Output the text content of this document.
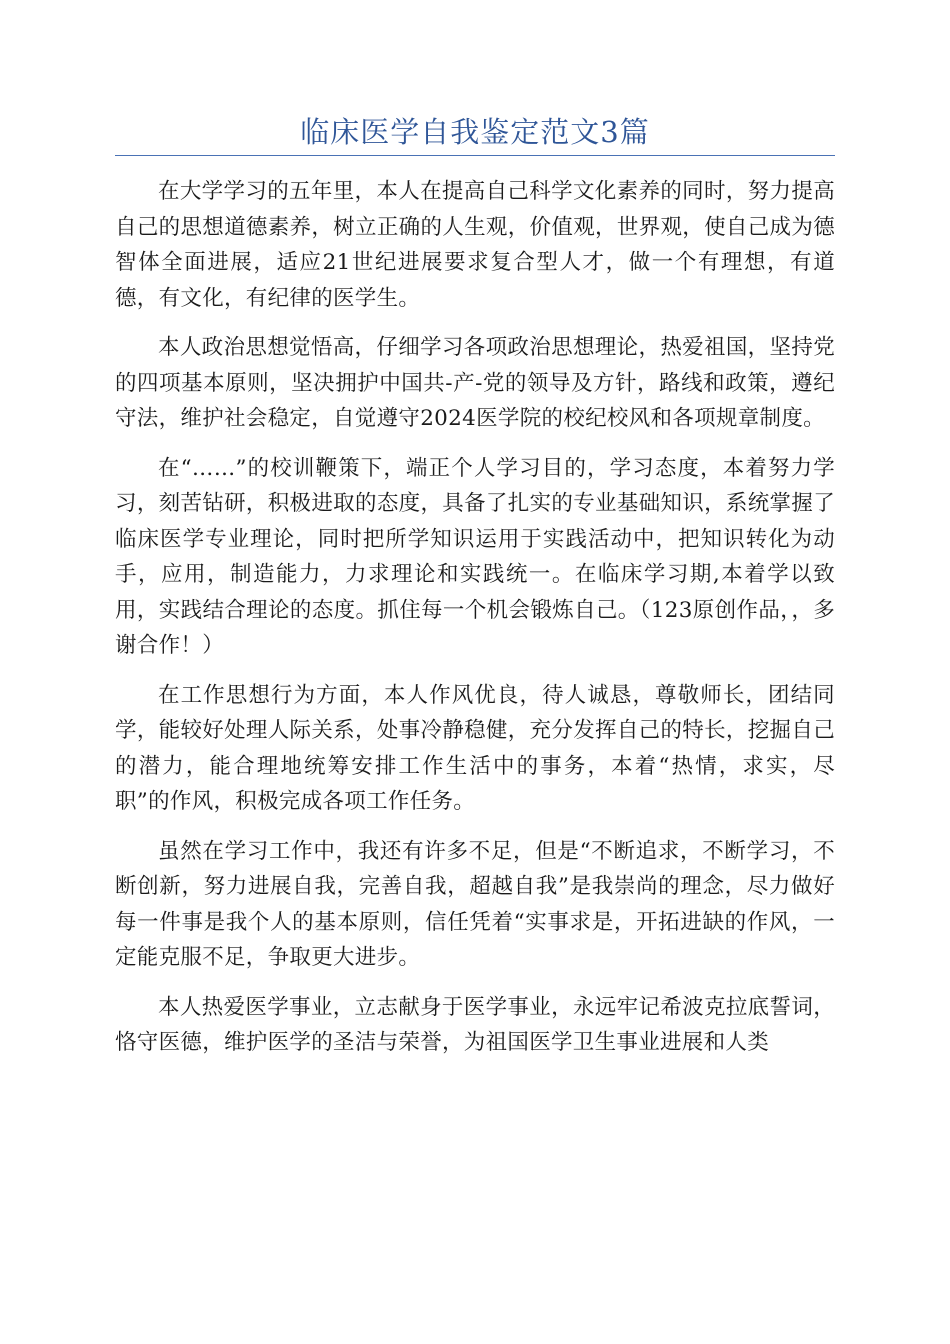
临床医学自我鉴定范文3篇

在大学学习的五年里，本人在提高自己科学文化素养的同时，努力提高自己的思想道德素养，树立正确的人生观，价值观，世界观，使自己成为德智体全面进展，适应21世纪进展要求复合型人才，做一个有理想，有道德，有文化，有纪律的医学生。

本人政治思想觉悟高，仔细学习各项政治思想理论，热爱祖国，坚持党的四项基本原则，坚决拥护中国共-产-党的领导及方针，路线和政策，遵纪守法，维护社会稳定，自觉遵守2024医学院的校纪校风和各项规章制度。

在“……”的校训鞭策下，端正个人学习目的，学习态度，本着努力学习，刻苦钻研，积极进取的态度，具备了扎实的专业基础知识，系统掌握了临床医学专业理论，同时把所学知识运用于实践活动中，把知识转化为动手，应用，制造能力，力求理论和实践统一。在临床学习期,本着学以致用，实践结合理论的态度。抓住每一个机会锻炼自己。（123原创作品，，多谢合作！）

在工作思想行为方面，本人作风优良，待人诚恳，尊敬师长，团结同学，能较好处理人际关系，处事冷静稳健，充分发挥自己的特长，挖掘自己的潜力，能合理地统筹安排工作生活中的事务，本着“热情，求实，尽职”的作风，积极完成各项工作任务。

虽然在学习工作中，我还有许多不足，但是“不断追求，不断学习，不断创新，努力进展自我，完善自我，超越自我”是我崇尚的理念，尽力做好每一件事是我个人的基本原则，信任凭着“实事求是，开拓进缺的作风，一定能克服不足，争取更大进步。

本人热爱医学事业，立志献身于医学事业，永远牢记希波克拉底誓词，恪守医德，维护医学的圣洁与荣誉，为祖国医学卫生事业进展和人类
